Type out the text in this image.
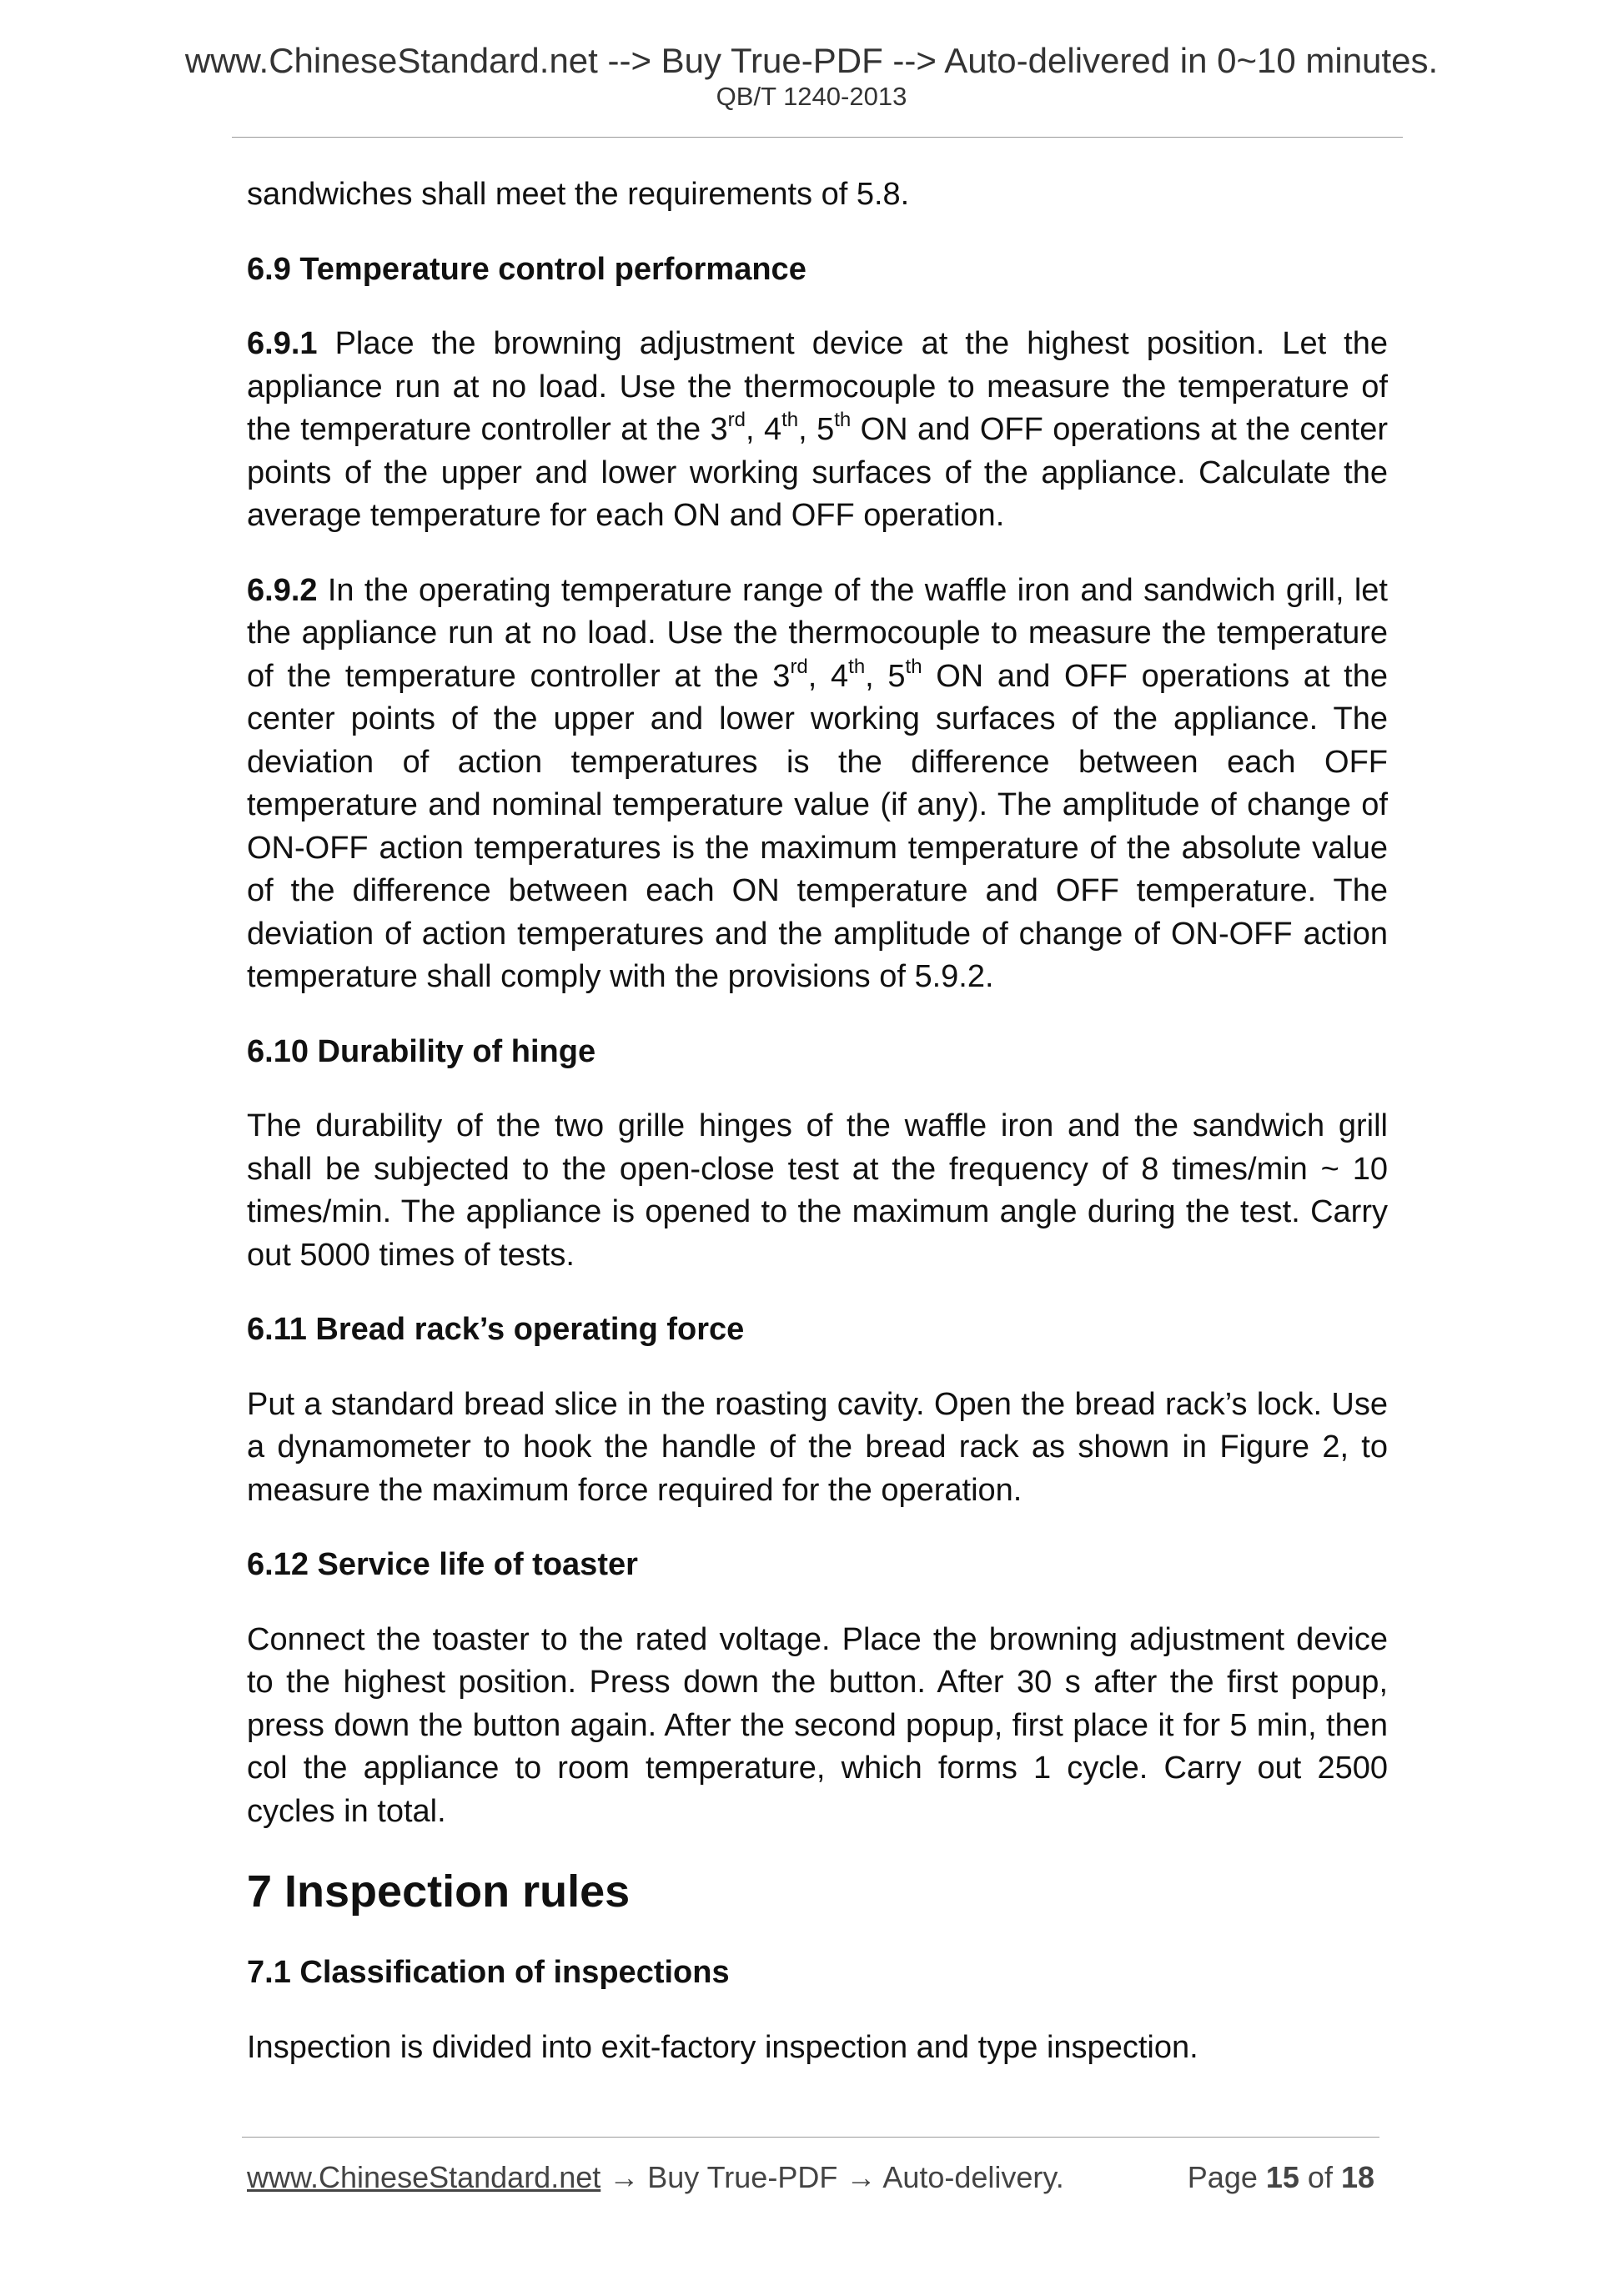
www.ChineseStandard.net --> Buy True-PDF --> Auto-delivered in 0~10 minutes.
QB/T 1240-2013

sandwiches shall meet the requirements of 5.8.

6.9 Temperature control performance

6.9.1 Place the browning adjustment device at the highest position. Let the appliance run at no load. Use the thermocouple to measure the temperature of the temperature controller at the 3rd, 4th, 5th ON and OFF operations at the center points of the upper and lower working surfaces of the appliance. Calculate the average temperature for each ON and OFF operation.

6.9.2 In the operating temperature range of the waffle iron and sandwich grill, let the appliance run at no load. Use the thermocouple to measure the temperature of the temperature controller at the 3rd, 4th, 5th ON and OFF operations at the center points of the upper and lower working surfaces of the appliance. The deviation of action temperatures is the difference between each OFF temperature and nominal temperature value (if any). The amplitude of change of ON-OFF action temperatures is the maximum temperature of the absolute value of the difference between each ON temperature and OFF temperature. The deviation of action temperatures and the amplitude of change of ON-OFF action temperature shall comply with the provisions of 5.9.2.

6.10 Durability of hinge

The durability of the two grille hinges of the waffle iron and the sandwich grill shall be subjected to the open-close test at the frequency of 8 times/min ~ 10 times/min. The appliance is opened to the maximum angle during the test. Carry out 5000 times of tests.

6.11 Bread rack’s operating force

Put a standard bread slice in the roasting cavity. Open the bread rack’s lock. Use a dynamometer to hook the handle of the bread rack as shown in Figure 2, to measure the maximum force required for the operation.

6.12 Service life of toaster

Connect the toaster to the rated voltage. Place the browning adjustment device to the highest position. Press down the button. After 30 s after the first popup, press down the button again. After the second popup, first place it for 5 min, then col the appliance to room temperature, which forms 1 cycle. Carry out 2500 cycles in total.

7 Inspection rules
7.1 Classification of inspections

Inspection is divided into exit-factory inspection and type inspection.

www.ChineseStandard.net → Buy True-PDF → Auto-delivery.	Page 15 of 18
